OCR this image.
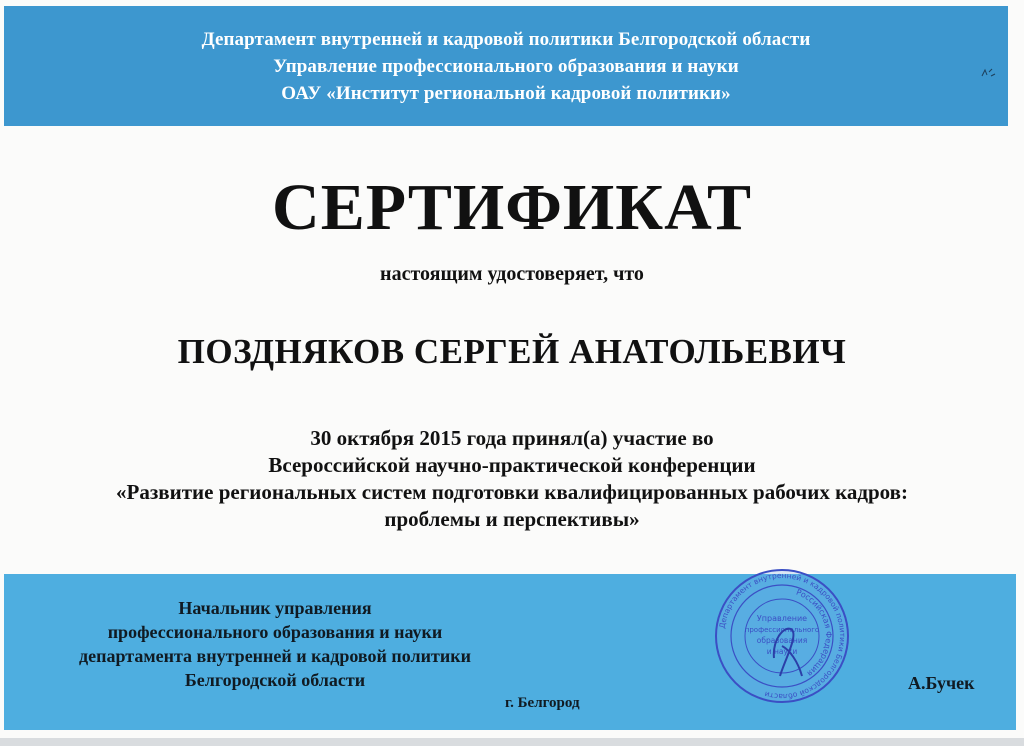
Департамент внутренней и кадровой политики Белгородской области
Управление профессионального образования и науки
ОАУ «Институт региональной кадровой политики»
СЕРТИФИКАТ
настоящим удостоверяет, что
ПОЗДНЯКОВ СЕРГЕЙ АНАТОЛЬЕВИЧ
30 октября 2015 года принял(а) участие во
Всероссийской научно-практической конференции
«Развитие региональных систем подготовки квалифицированных рабочих кадров:
проблемы и перспективы»
Начальник управления
профессионального образования и науки
департамента внутренней и кадровой политики
Белгородской области
г. Белгород
А.Бучек
Департамент внутренней и кадровой политики Белгородской области
Российская Федерация
Управление
профессионального
образования
и науки
